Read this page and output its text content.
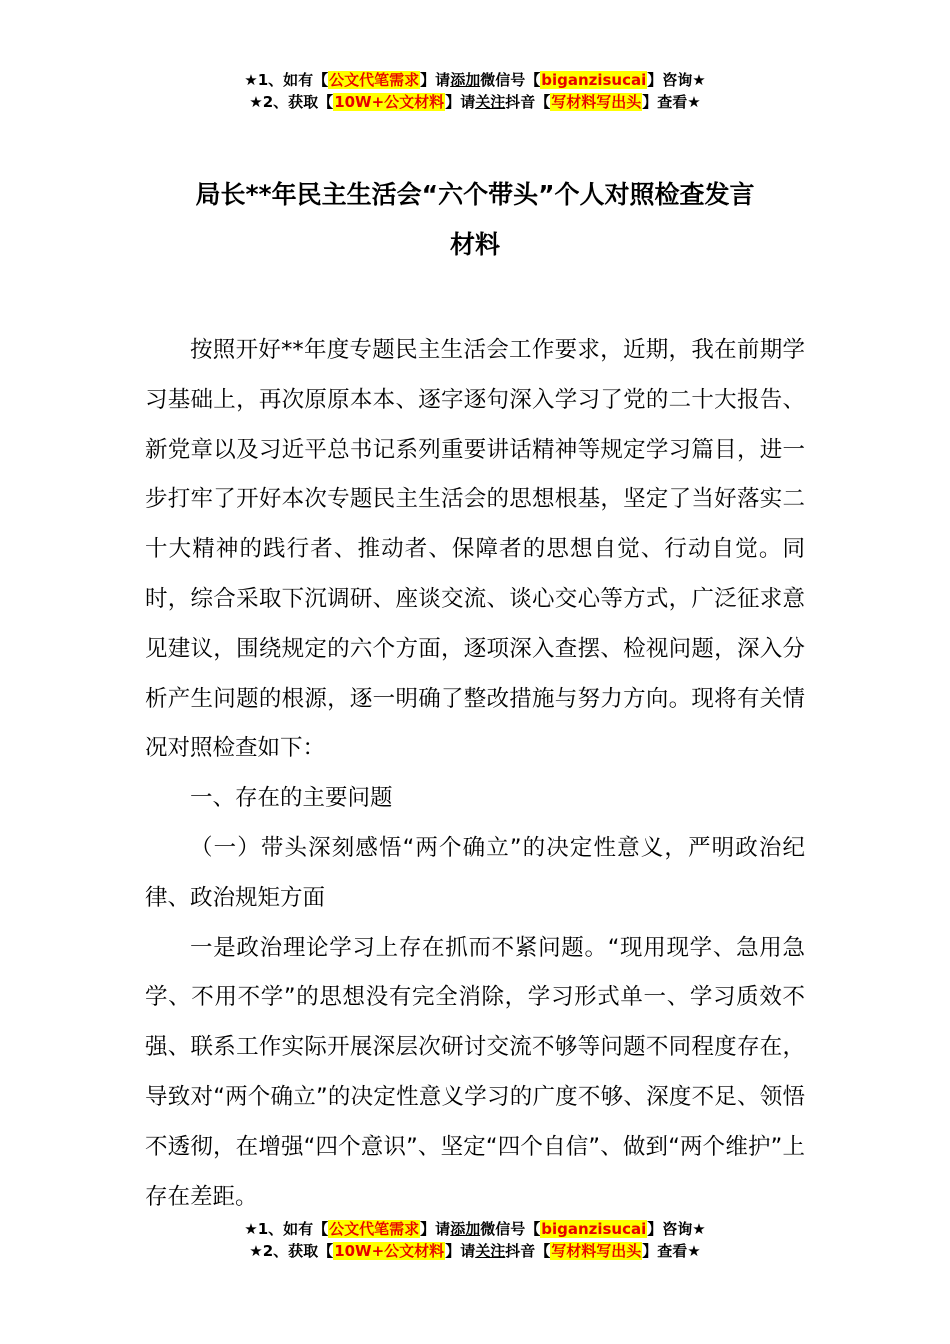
★1、如有【公文代笔需求】请添加微信号【biganzisucai】咨询★
★2、获取【10W+公文材料】请关注抖音【写材料写出头】查看★
局长**年民主生活会“六个带头”个人对照检查发言
材料

按照开好**年度专题民主生活会工作要求，近期，我在前期学习基础上，再次原原本本、逐字逐句深入学习了党的二十大报告、新党章以及习近平总书记系列重要讲话精神等规定学习篇目，进一步打牢了开好本次专题民主生活会的思想根基，坚定了当好落实二十大精神的践行者、推动者、保障者的思想自觉、行动自觉。同时，综合采取下沉调研、座谈交流、谈心交心等方式，广泛征求意见建议，围绕规定的六个方面，逐项深入查摆、检视问题，深入分析产生问题的根源，逐一明确了整改措施与努力方向。现将有关情况对照检查如下：

一、存在的主要问题

（一）带头深刻感悟“两个确立”的决定性意义，严明政治纪律、政治规矩方面

一是政治理论学习上存在抓而不紧问题。“现用现学、急用急学、不用不学”的思想没有完全消除，学习形式单一、学习质效不强、联系工作实际开展深层次研讨交流不够等问题不同程度存在，导致对“两个确立”的决定性意义学习的广度不够、深度不足、领悟不透彻，在增强“四个意识”、坚定“四个自信”、做到“两个维护”上存在差距。

★1、如有【公文代笔需求】请添加微信号【biganzisucai】咨询★
★2、获取【10W+公文材料】请关注抖音【写材料写出头】查看★
